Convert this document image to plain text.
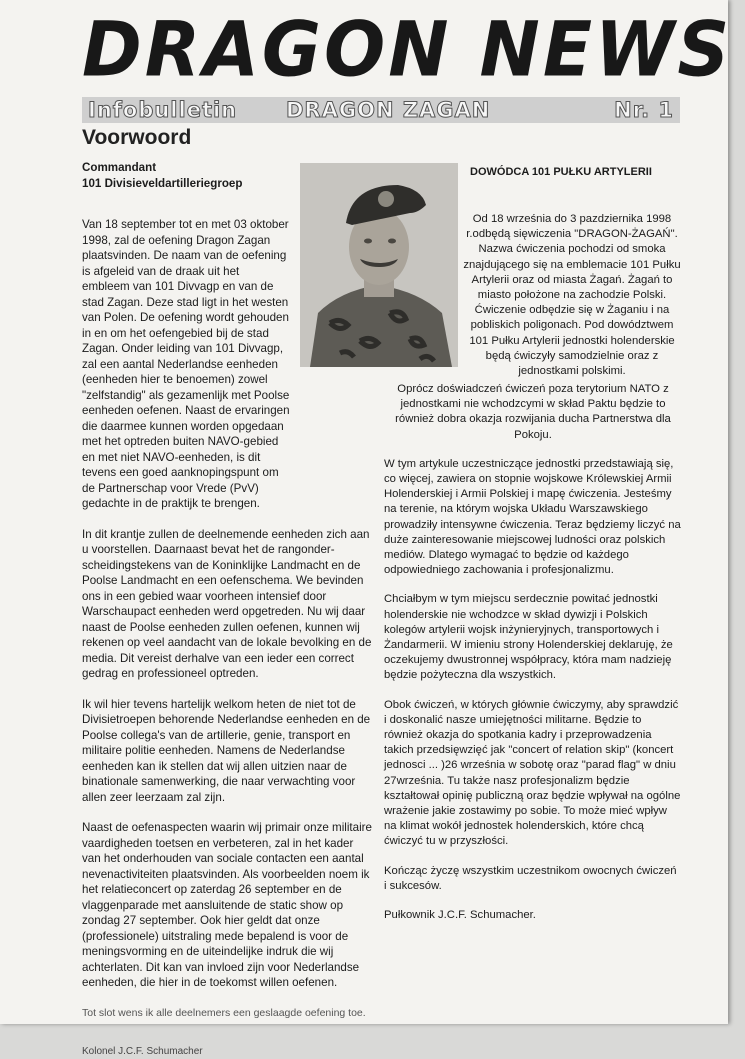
DRAGON NEWS
Infobulletin DRAGON ZAGAN	Nr. 1
Voorwoord
Commandant
101 Divisieveldartilleriegroep

Van 18 september tot en met 03 oktober 1998, zal de oefening Dragon Zagan plaatsvinden. De naam van de oefening is afgeleid van de draak uit het embleem van 101 Divvagp en van de stad Zagan. Deze stad ligt in het westen van Polen. De oefening wordt gehouden in en om het oefengebied bij de stad Zagan. Onder leiding van 101 Divvagp, zal een aantal Nederlandse eenheden (eenheden hier te benoemen) zowel "zelfstandig" als gezamenlijk met Poolse eenheden oefenen. Naast de ervaringen die daarmee kunnen worden opgedaan met het optreden buiten NAVO-gebied en met niet NAVO-eenheden, is dit tevens een goed aanknopingspunt om de Partnerschap voor Vrede (PvV) gedachte in de praktijk te brengen.

In dit krantje zullen de deelnemende eenheden zich aan u voorstellen. Daarnaast bevat het de rangonder-scheidingstekens van de Koninklijke Landmacht en de Poolse Landmacht en een oefenschema. We bevinden ons in een gebied waar voorheen intensief door Warschaupact eenheden werd opgetreden. Nu wij daar naast de Poolse eenheden zullen oefenen, kunnen wij rekenen op veel aandacht van de lokale bevolking en de media. Dit vereist derhalve van een ieder een correct gedrag en professioneel optreden.

Ik wil hier tevens hartelijk welkom heten de niet tot de Divisietroepen behorende Nederlandse eenheden en de Poolse collega's van de artillerie, genie, transport en militaire politie eenheden. Namens de Nederlandse eenheden kan ik stellen dat wij allen uitzien naar de binationale samenwerking, die naar verwachting voor allen zeer leerzaam zal zijn.

Naast de oefenaspecten waarin wij primair onze militaire vaardigheden toetsen en verbeteren, zal in het kader van het onderhouden van sociale contacten een aantal nevenactiviteiten plaatsvinden. Als voorbeelden noem ik het relatieconcert op zaterdag 26 september en de vlaggenparade met aansluitende de static show op zondag 27 september. Ook hier geldt dat onze (professionele) uitstraling mede bepalend is voor de meningsvorming en de uiteindelijke indruk die wij achterlaten. Dit kan van invloed zijn voor Nederlandse eenheden, die hier in de toekomst willen oefenen.

Tot slot wens ik alle deelnemers een geslaagde oefening toe.

Kolonel J.C.F. Schumacher
DOWÓDCA 101 PUŁKU ARTYLERII
Od 18 września do 3 pazdziernika 1998 r.odbędą sięwiczenia "DRAGON-ŻAGAŃ". Nazwa ćwiczenia pochodzi od smoka znajdującego się na emblemacie 101 Pułku Artylerii oraz od miasta Żagań. Żagań to miasto położone na zachodzie Polski. Ćwiczenie odbędzie się w Żaganiu i na pobliskich poligonach. Pod dowództwem 101 Pułku Artylerii jednostki holenderskie będą ćwiczyły samodzielnie oraz z jednostkami polskimi.

Oprócz doświadczeń ćwiczeń poza terytorium NATO z jednostkami nie wchodzcymi w skład Paktu będzie to również dobra okazja rozwijania ducha Partnerstwa dla Pokoju.

W tym artykule uczestniczące jednostki przedstawiają się, co więcej, zawiera on stopnie wojskowe Królewskiej Armii Holenderskiej i Armii Polskiej i mapę ćwiczenia. Jesteśmy na terenie, na którym wojska Układu Warszawskiego prowadziły intensywne ćwiczenia. Teraz będziemy liczyć na duże zainteresowanie miejscowej ludności oraz polskich mediów. Dlatego wymagać to będzie od każdego odpowiedniego zachowania i profesjonalizmu.

Chciałbym w tym miejscu serdecznie powitać jednostki holenderskie nie wchodzce w skład dywizji i Polskich kolegów artylerii wojsk inżynieryjnych, transportowych i Żandarmerii. W imieniu strony Holenderskiej deklaruję, że oczekujemy dwustronnej współpracy, która mam nadzieję będzie pożyteczna dla wszystkich.

Obok ćwiczeń, w których głównie ćwiczymy, aby sprawdzić i doskonalić nasze umiejętności militarne. Będzie to również okazja do spotkania kadry i przeprowadzenia takich przedsięwzięć jak "concert of relation skip" (koncert jednosci ... )26 września w sobotę oraz "parad flag" w dniu 27września. Tu także nasz profesjonalizm będzie kształtował opinię publiczną oraz będzie wpływał na ogólne wrażenie jakie zostawimy po sobie. To może mieć wpływ na klimat wokół jednostek holenderskich, które chcą ćwiczyć tu w przyszłości.

Kończąc życzę wszystkim uczestnikom owocnych ćwiczeń i sukcesów.

Pułkownik J.C.F. Schumacher.
